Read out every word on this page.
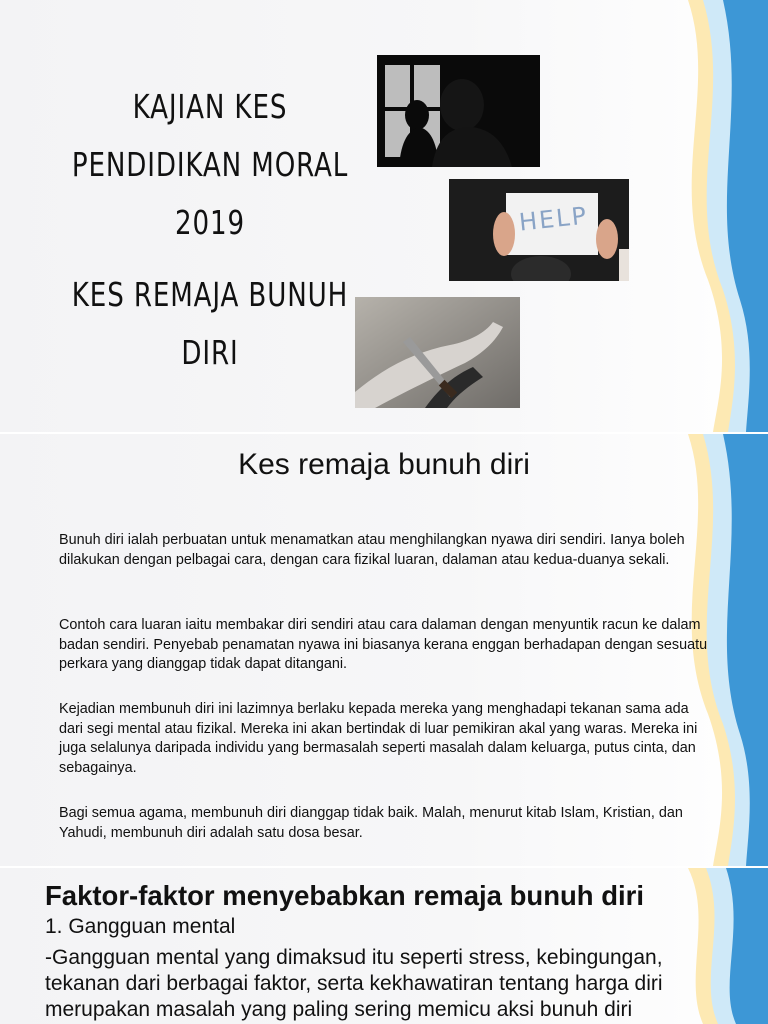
KAJIAN KES
PENDIDIKAN MORAL
2019
KES REMAJA BUNUH
DIRI
HELP
Kes remaja bunuh diri

Bunuh diri ialah perbuatan untuk menamatkan atau menghilangkan nyawa diri sendiri. Ianya boleh dilakukan dengan pelbagai cara, dengan cara fizikal luaran, dalaman atau kedua-duanya sekali.

Contoh cara luaran iaitu membakar diri sendiri atau cara dalaman dengan menyuntik racun ke dalam badan sendiri. Penyebab penamatan nyawa ini biasanya kerana enggan berhadapan dengan sesuatu perkara yang dianggap tidak dapat ditangani.

Kejadian membunuh diri ini lazimnya berlaku kepada mereka yang menghadapi tekanan sama ada dari segi mental atau fizikal. Mereka ini akan bertindak di luar pemikiran akal yang waras. Mereka ini juga selalunya daripada individu yang bermasalah seperti masalah dalam keluarga, putus cinta, dan sebagainya.

Bagi semua agama, membunuh diri dianggap tidak baik. Malah, menurut kitab Islam, Kristian, dan Yahudi, membunuh diri adalah satu dosa besar.

Faktor-faktor menyebabkan remaja bunuh diri
1. Gangguan mental
-Gangguan mental yang dimaksud itu seperti stress, kebingungan, tekanan dari berbagai faktor, serta kekhawatiran tentang harga diri merupakan masalah yang paling sering memicu aksi bunuh diri
